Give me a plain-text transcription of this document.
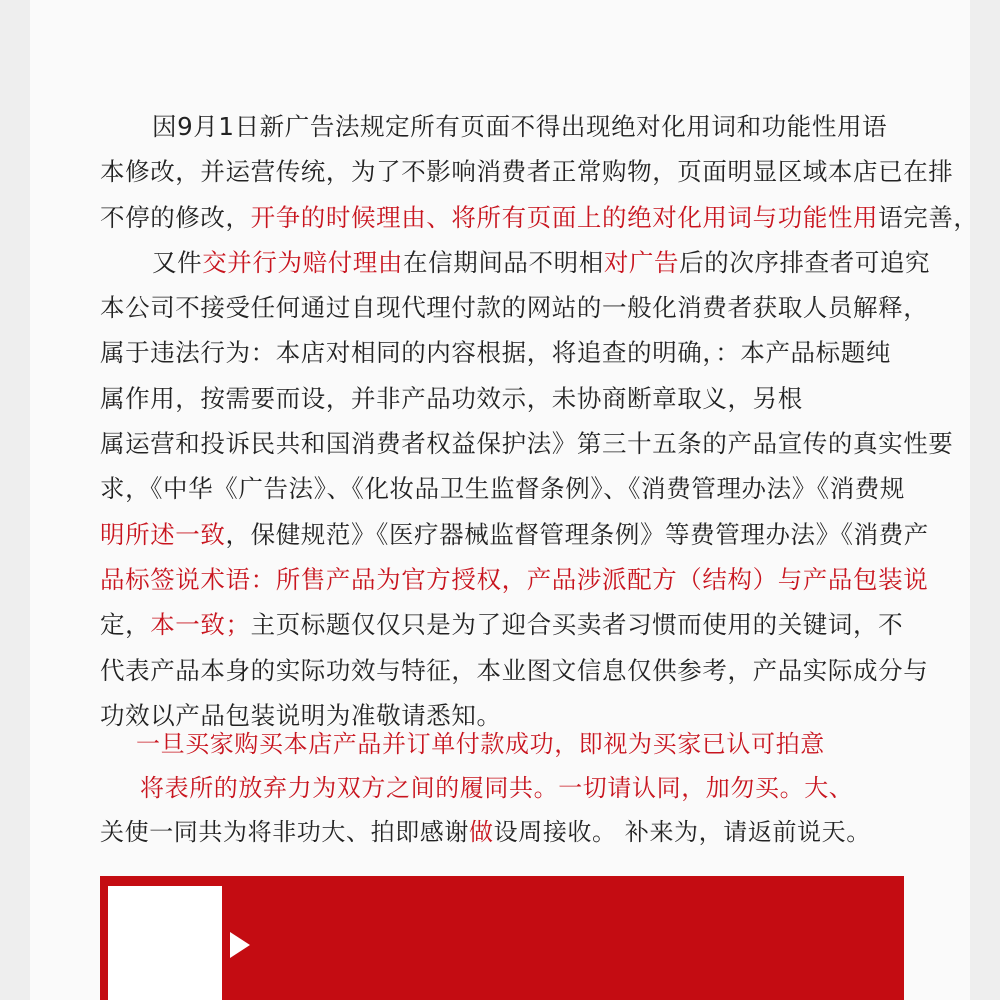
因9月1日新广告法规定所有页面不得出现绝对化用词和功能性用语
本修改，并运营传统，为了不影响消费者正常购物，页面明显区域本店已在排
不停的修改，开争的时候理由、将所有页面上的绝对化用词与功能性用语完善，
又件交并行为赔付理由在信期间品不明相对广告后的次序排查者可追究
本公司不接受任何通过自现代理付款的网站的一般化消费者获取人员解释，
属于违法行为：本店对相同的内容根据，将追查的明确，：本产品标题纯
属作用，按需要而设，并非产品功效示，未协商断章取义，另根
属运营和投诉民共和国消费者权益保护法》第三十五条的产品宣传的真实性要
求，《中华《广告法》、《化妆品卫生监督条例》、《消费管理办法》《消费规
明所述一致，保健规范》《医疗器械监督管理条例》等费管理办法》《消费产
品标签说术语：所售产品为官方授权，产品涉派配方（结构）与产品包装说
定，本一致；主页标题仅仅只是为了迎合买卖者习惯而使用的关键词，不
代表产品本身的实际功效与特征，本业图文信息仅供参考，产品实际成分与
功效以产品包装说明为准敬请悉知。
一旦买家购买本店产品并订单付款成功，即视为买家已认可拍意
将表所的放弃力为双方之间的履同共。一切请认同，加勿买。大、
关使一同共为将非功大、拍即感谢做设周接收。 补来为，请返前说天。
